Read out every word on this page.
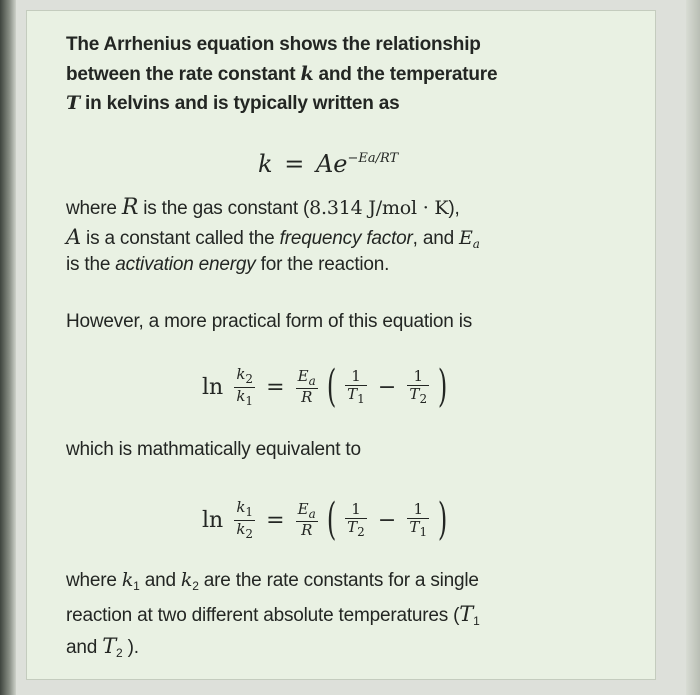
The Arrhenius equation shows the relationship

between the rate constant k and the temperature

T in kelvins and is typically written as

$k = Ae^{-Ea/RT}$

where R is the gas constant (8.314 J/mol · K),

A is a constant called the frequency factor, and $E_a$

is the activation energy for the reaction.

However, a more practical form of this equation is

$\ln \frac{k_2}{k_1} = \frac{E_a}{R}$ ( $\frac{1}{T_1} - \frac{1}{T_2}$ )

which is mathmatically equivalent to

$\ln \frac{k_1}{k_2} = \frac{E_a}{R}$ ( $\frac{1}{T_2} - \frac{1}{T_1}$ )

where $k_1$ and $k_2$ are the rate constants for a single

reaction at two different absolute temperatures ($T_1$

and $T_2$ ).
